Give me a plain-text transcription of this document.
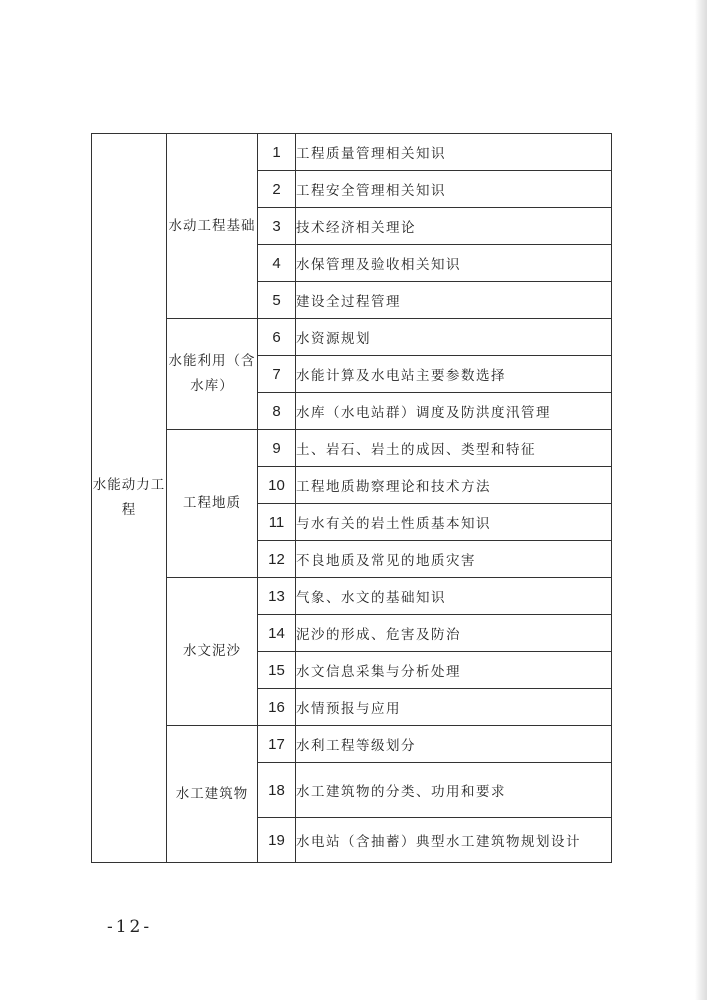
水能动力工程	水动工程基础	1	工程质量管理相关知识
		2	工程安全管理相关知识
		3	技术经济相关理论
		4	水保管理及验收相关知识
		5	建设全过程管理
	水能利用（含水库）	6	水资源规划
		7	水能计算及水电站主要参数选择
		8	水库（水电站群）调度及防洪度汛管理
	工程地质	9	土、岩石、岩土的成因、类型和特征
		10	工程地质勘察理论和技术方法
		11	与水有关的岩土性质基本知识
		12	不良地质及常见的地质灾害
	水文泥沙	13	气象、水文的基础知识
		14	泥沙的形成、危害及防治
		15	水文信息采集与分析处理
		16	水情预报与应用
	水工建筑物	17	水利工程等级划分
		18	水工建筑物的分类、功用和要求
		19	水电站（含抽蓄）典型水工建筑物规划设计
-12-
